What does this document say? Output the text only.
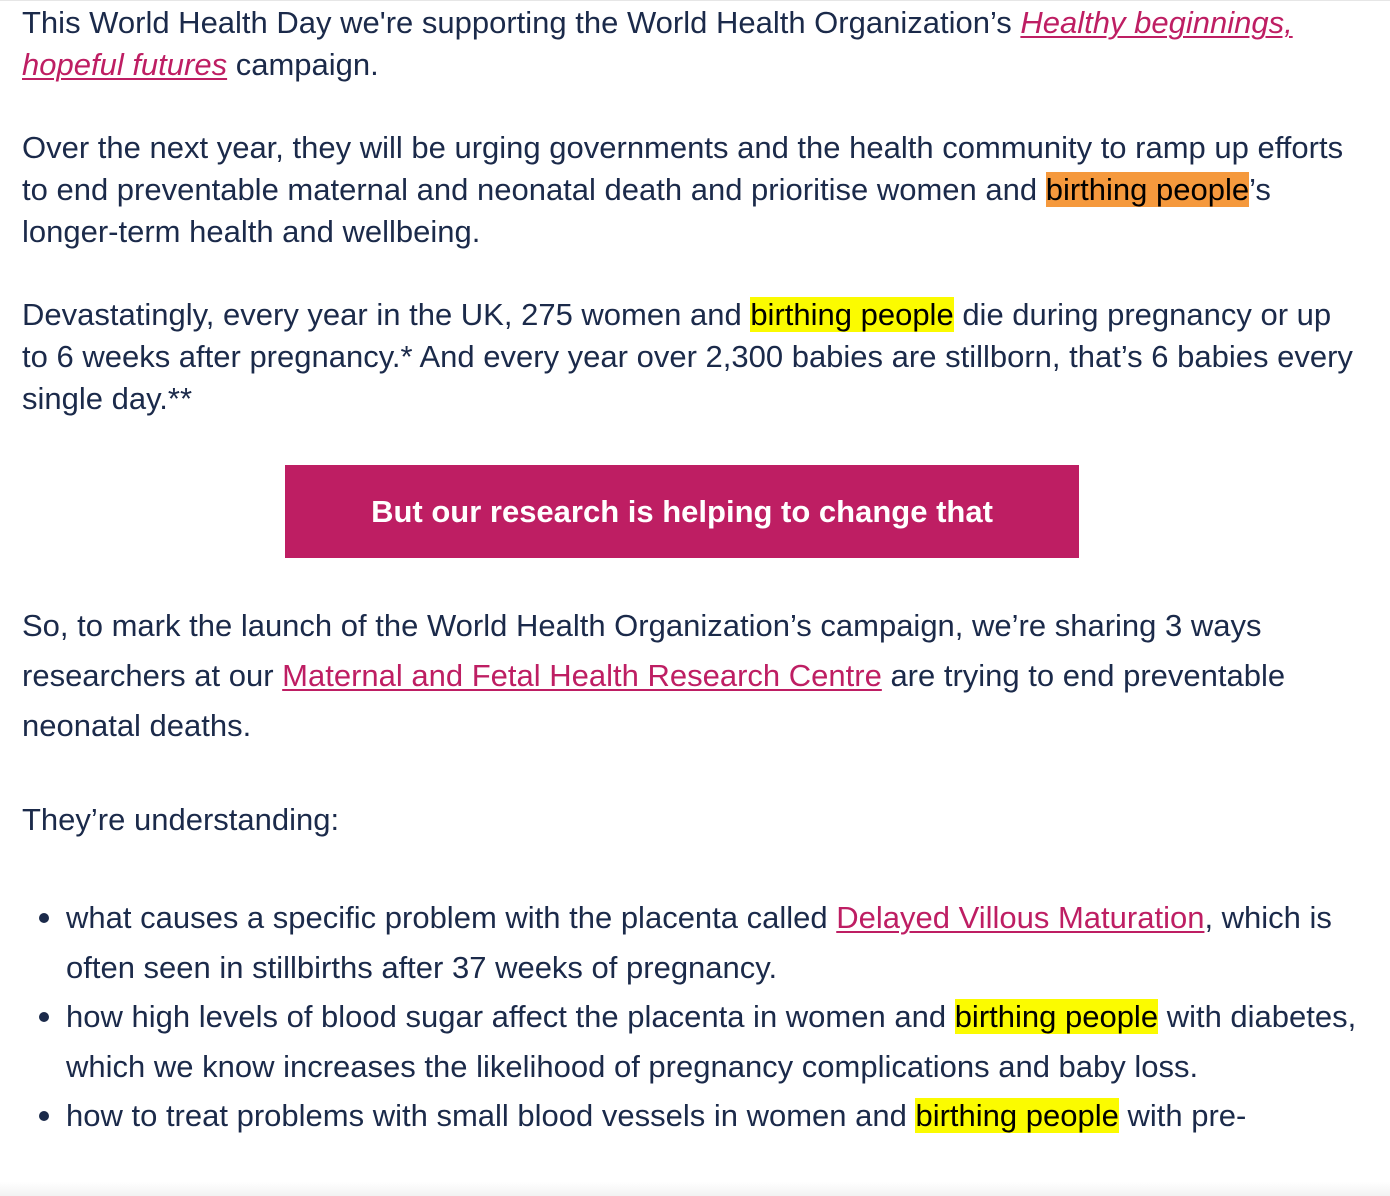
This World Health Day we're supporting the World Health Organization’s Healthy beginnings, hopeful futures campaign.

Over the next year, they will be urging governments and the health community to ramp up efforts to end preventable maternal and neonatal death and prioritise women and birthing people’s longer-term health and wellbeing.

Devastatingly, every year in the UK, 275 women and birthing people die during pregnancy or up to 6 weeks after pregnancy.* And every year over 2,300 babies are stillborn, that’s 6 babies every single day.**

So, to mark the launch of the World Health Organization’s campaign, we’re sharing 3 ways researchers at our Maternal and Fetal Health Research Centre are trying to end preventable neonatal deaths.

They’re understanding:

what causes a specific problem with the placenta called Delayed Villous Maturation, which is often seen in stillbirths after 37 weeks of pregnancy.
how high levels of blood sugar affect the placenta in women and birthing people with diabetes, which we know increases the likelihood of pregnancy complications and baby loss.
how to treat problems with small blood vessels in women and birthing people with pre-
But our research is helping to change that
